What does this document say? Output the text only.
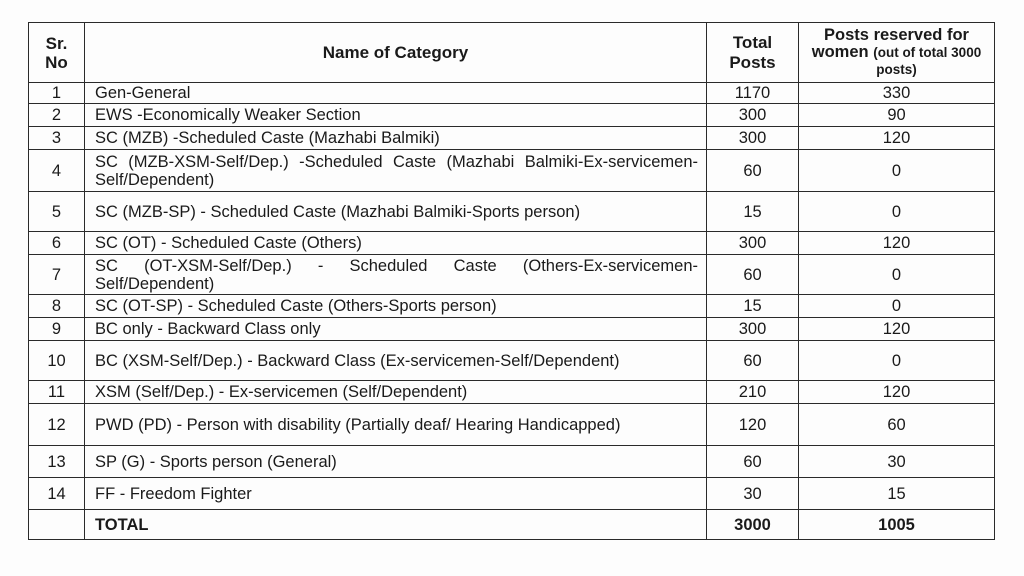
Sr. No	Name of Category	Total Posts	Posts reserved for women (out of total 3000 posts)
1	Gen-General	1170	330
2	EWS -Economically Weaker Section	300	90
3	SC (MZB) -Scheduled Caste (Mazhabi Balmiki)	300	120
4	SC (MZB-XSM-Self/Dep.) -Scheduled Caste (Mazhabi Balmiki-Ex-servicemen- Self/Dependent)	60	0
5	SC (MZB-SP) - Scheduled Caste (Mazhabi Balmiki-Sports person)	15	0
6	SC (OT) - Scheduled Caste (Others)	300	120
7	SC (OT-XSM-Self/Dep.) - Scheduled Caste (Others-Ex-servicemen-Self/Dependent)	60	0
8	SC (OT-SP) - Scheduled Caste (Others-Sports person)	15	0
9	BC only - Backward Class only	300	120
10	BC (XSM-Self/Dep.) - Backward Class (Ex-servicemen-Self/Dependent)	60	0
11	XSM (Self/Dep.) - Ex-servicemen (Self/Dependent)	210	120
12	PWD (PD) - Person with disability (Partially deaf/ Hearing Handicapped)	120	60
13	SP (G) - Sports person (General)	60	30
14	FF - Freedom Fighter	30	15
	TOTAL	3000	1005
